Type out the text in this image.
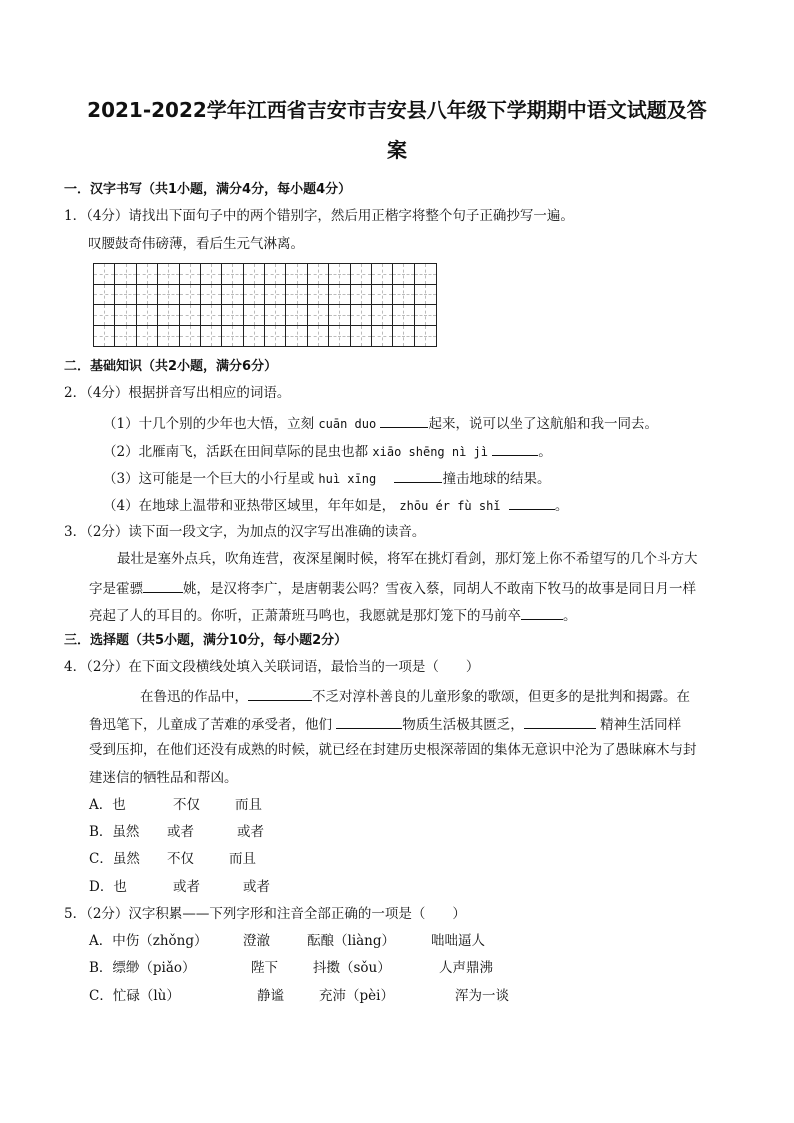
2021-2022学年江西省吉安市吉安县八年级下学期期中语文试题及答
案
一．汉字书写（共1小题，满分4分，每小题4分）
1．（4分）请找出下面句子中的两个错别字，然后用正楷字将整个句子正确抄写一遍。
叹腰鼓奇伟磅薄，看后生元气淋离。
二．基础知识（共2小题，满分6分）
2．（4分）根据拼音写出相应的词语。
（1）十几个别的少年也大悟，立刻 cuān duo	起来，说可以坐了这航船和我一同去。
（2）北雁南飞，活跃在田间草际的昆虫也都 xiāo shēng nì jì	。
（3）这可能是一个巨大的小行星或 huì xīng	撞击地球的结果。
（4）在地球上温带和亚热带区域里，年年如是， zhōu ér fù shǐ	。
3．（2分）读下面一段文字，为加点的汉字写出准确的读音。
最壮是塞外点兵，吹角连营，夜深星阑时候，将军在挑灯看剑，那灯笼上你不希望写的几个斗方大
字是霍骠	姚，是汉将李广，是唐朝裴公吗？雪夜入蔡，同胡人不敢南下牧马的故事是同日月一样
亮起了人的耳目的。你听，正萧萧班马鸣也，我愿就是那灯笼下的马前卒	。
三．选择题（共5小题，满分10分，每小题2分）
4．（2分）在下面文段横线处填入关联词语，最恰当的一项是（　　）
在鲁迅的作品中，	不乏对淳朴善良的儿童形象的歌颂，但更多的是批判和揭露。在
鲁迅笔下，儿童成了苦难的承受者，他们	物质生活极其匮乏，	精神生活同样
受到压抑，在他们还没有成熟的时候，就已经在封建历史根深蒂固的集体无意识中沦为了愚昧麻木与封
建迷信的牺牲品和帮凶。
A．也	不仅	而且
B．虽然 或者	或者
C．虽然 不仅	而且
D．也	或者	或者
5．（2分）汉字积累——下列字形和注音全部正确的一项是（　　）
A．中伤（zhǒng）	澄澈	酝酿（liàng）	咄咄逼人
B．缥缈（piǎo）	陛下	抖擞（sǒu）	人声鼎沸
C．忙碌（lù）	静谧	充沛（pèi）	浑为一谈
